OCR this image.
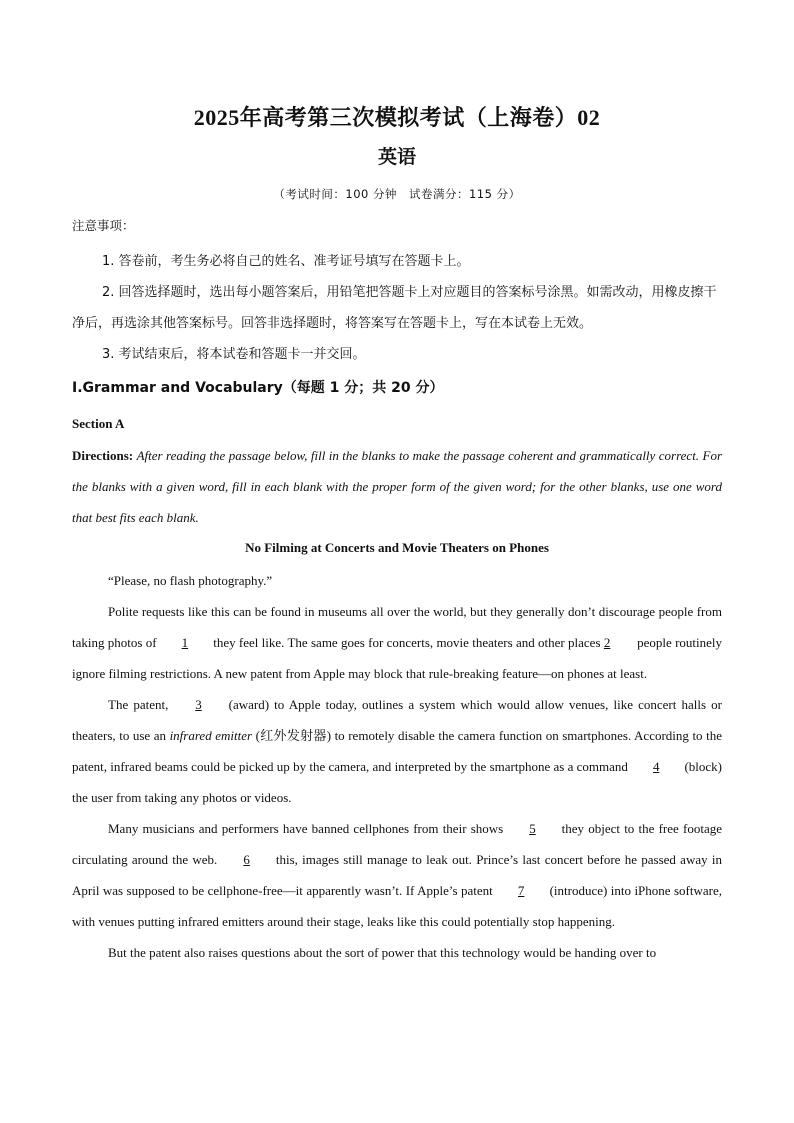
2025年高考第三次模拟考试（上海卷）02
英语
（考试时间：100 分钟　试卷满分：115 分）
注意事项：

1. 答卷前，考生务必将自己的姓名、准考证号填写在答题卡上。

2. 回答选择题时，选出每小题答案后，用铅笔把答题卡上对应题目的答案标号涂黑。如需改动，用橡皮擦干净后，再选涂其他答案标号。回答非选择题时，将答案写在答题卡上，写在本试卷上无效。

3. 考试结束后，将本试卷和答题卡一并交回。

I.Grammar and Vocabulary（每题 1 分；共 20 分）
Section A

Directions: After reading the passage below, fill in the blanks to make the passage coherent and grammatically correct. For the blanks with a given word, fill in each blank with the proper form of the given word; for the other blanks, use one word that best fits each blank.

No Filming at Concerts and Movie Theaters on Phones

“Please, no flash photography.”

Polite requests like this can be found in museums all over the world, but they generally don’t discourage people from taking photos of 1 they feel like. The same goes for concerts, movie theaters and other places 2 people routinely ignore filming restrictions. A new patent from Apple may block that rule-breaking feature—on phones at least.

The patent, 3 (award) to Apple today, outlines a system which would allow venues, like concert halls or theaters, to use an infrared emitter (红外发射器) to remotely disable the camera function on smartphones. According to the patent, infrared beams could be picked up by the camera, and interpreted by the smartphone as a command 4 (block) the user from taking any photos or videos.

Many musicians and performers have banned cellphones from their shows 5 they object to the free footage circulating around the web. 6 this, images still manage to leak out. Prince’s last concert before he passed away in April was supposed to be cellphone-free—it apparently wasn’t. If Apple’s patent 7 (introduce) into iPhone software, with venues putting infrared emitters around their stage, leaks like this could potentially stop happening.

But the patent also raises questions about the sort of power that this technology would be handing over to
